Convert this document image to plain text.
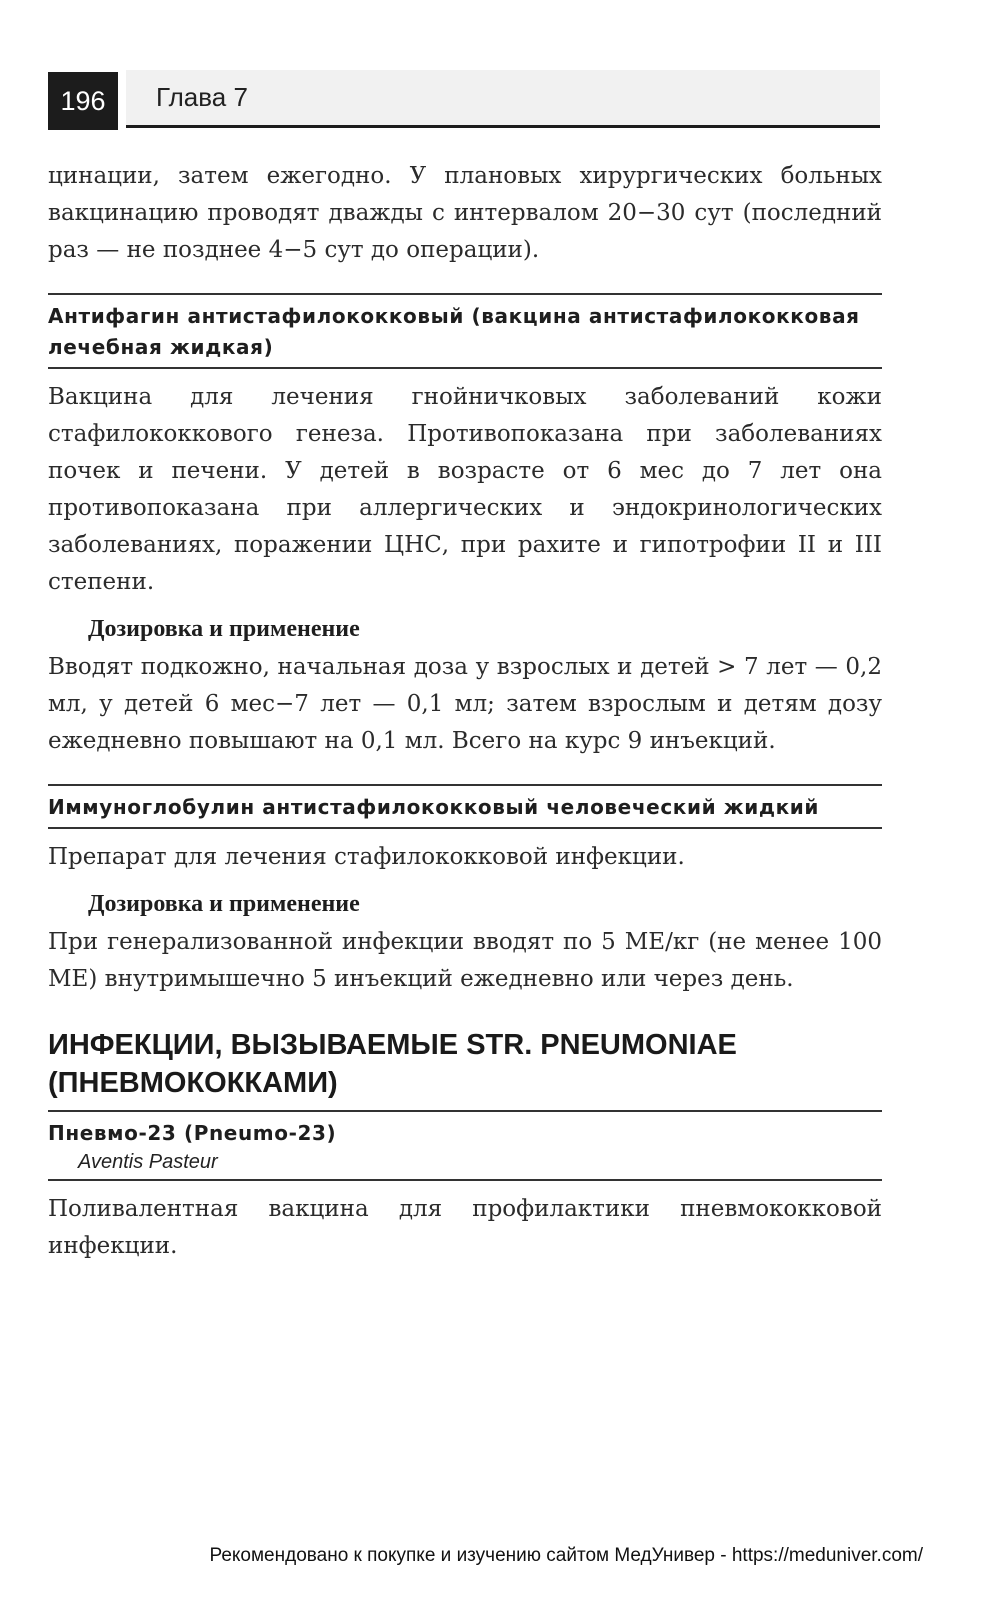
196	Глава 7

цинации, затем ежегодно. У плановых хирургических больных вакцинацию проводят дважды с интервалом 20−30 сут (последний раз — не позднее 4−5 сут до операции).

Антифагин антистафилококковый (вакцина антистафилококковая лечебная жидкая)

Вакцина для лечения гнойничковых заболеваний кожи стафилококкового генеза. Противопоказана при заболеваниях почек и печени. У детей в возрасте от 6 мес до 7 лет она противопоказана при аллергических и эндокринологических заболеваниях, поражении ЦНС, при рахите и гипотрофии II и III степени.

Дозировка и применение

Вводят подкожно, начальная доза у взрослых и детей > 7 лет — 0,2 мл, у детей 6 мес−7 лет — 0,1 мл; затем взрослым и детям дозу ежедневно повышают на 0,1 мл. Всего на курс 9 инъекций.

Иммуноглобулин антистафилококковый человеческий жидкий

Препарат для лечения стафилококковой инфекции.

Дозировка и применение

При генерализованной инфекции вводят по 5 МЕ/кг (не менее 100 МЕ) внутримышечно 5 инъекций ежедневно или через день.

ИНФЕКЦИИ, ВЫЗЫВАЕМЫЕ STR. PNEUMONIAE (ПНЕВМОКОККАМИ)

Пневмо-23 (Pneumo-23)

Aventis Pasteur

Поливалентная вакцина для профилактики пневмококковой инфекции.

Рекомендовано к покупке и изучению сайтом МедУнивер - https://meduniver.com/
